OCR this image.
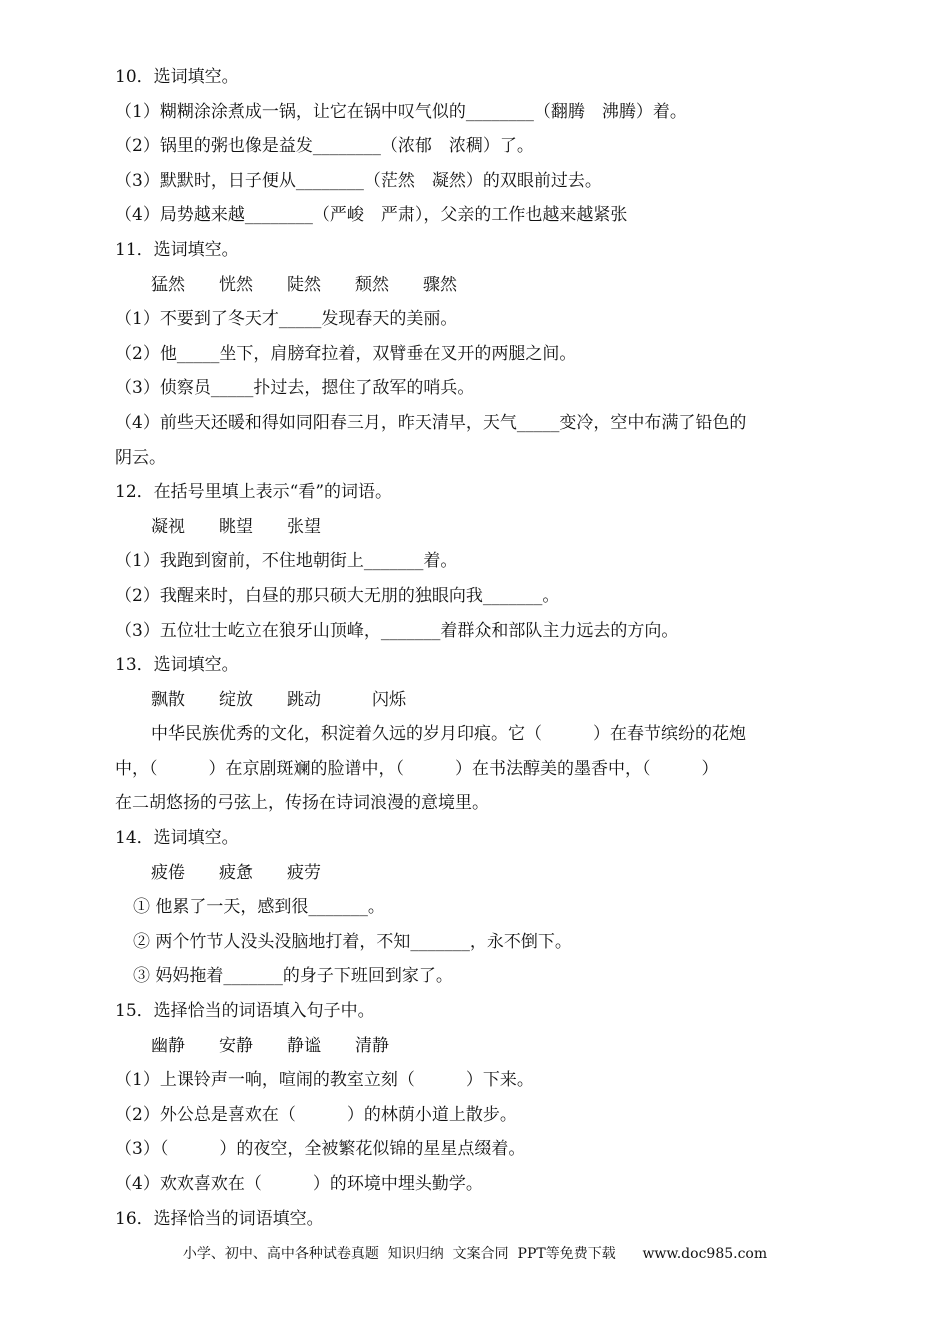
10．选词填空。

（1）糊糊涂涂煮成一锅，让它在锅中叹气似的________（翻腾　沸腾）着。

（2）锅里的粥也像是益发________（浓郁　浓稠）了。

（3）默默时，日子便从________（茫然　凝然）的双眼前过去。

（4）局势越来越________（严峻　严肃），父亲的工作也越来越紧张

11．选词填空。

猛然　　恍然　　陡然　　颓然　　骤然

（1）不要到了冬天才_____发现春天的美丽。

（2）他_____坐下，肩膀耷拉着，双臂垂在叉开的两腿之间。

（3）侦察员_____扑过去，摁住了敌军的哨兵。

（4）前些天还暖和得如同阳春三月，昨天清早，天气_____变冷，空中布满了铅色的

阴云。

12．在括号里填上表示“看”的词语。

凝视　　眺望　　张望

（1）我跑到窗前，不住地朝街上_______着。

（2）我醒来时，白昼的那只硕大无朋的独眼向我_______。

（3）五位壮士屹立在狼牙山顶峰，_______着群众和部队主力远去的方向。

13．选词填空。

飘散　　绽放　　跳动　　　闪烁

中华民族优秀的文化，积淀着久远的岁月印痕。它（　　　）在春节缤纷的花炮

中，（　　　）在京剧斑斓的脸谱中，（　　　）在书法醇美的墨香中，（　　　）

在二胡悠扬的弓弦上，传扬在诗词浪漫的意境里。

14．选词填空。

疲倦　　疲惫　　疲劳

① 他累了一天，感到很_______。

② 两个竹节人没头没脑地打着，不知_______，永不倒下。

③ 妈妈拖着_______的身子下班回到家了。

15．选择恰当的词语填入句子中。

幽静　　安静　　静谧　　清静

（1）上课铃声一响，喧闹的教室立刻（　　　）下来。

（2）外公总是喜欢在（　　　）的林荫小道上散步。

（3）（　　　）的夜空，全被繁花似锦的星星点缀着。

（4）欢欢喜欢在（　　　）的环境中埋头勤学。

16．选择恰当的词语填空。

小学、初中、高中各种试卷真题  知识归纳  文案合同  PPT等免费下载      www.doc985.com
